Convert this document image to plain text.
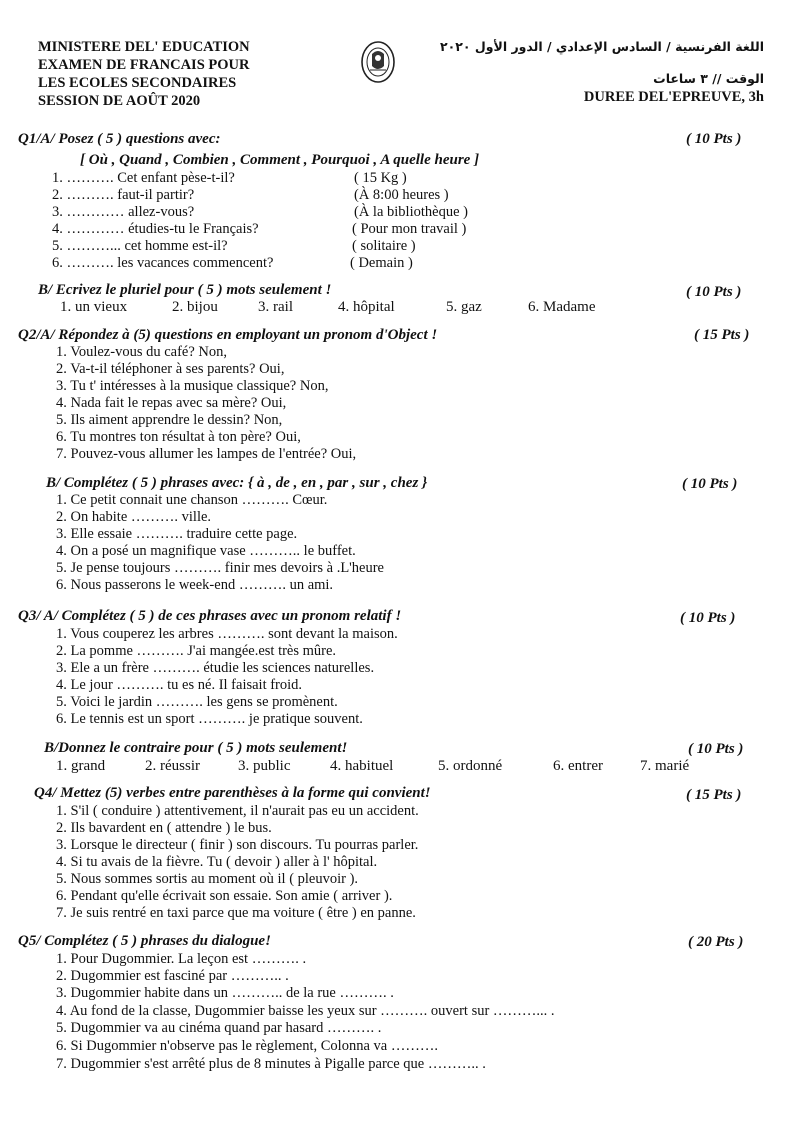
MINISTERE DEL' EDUCATION
EXAMEN DE FRANCAIS POUR
LES ECOLES SECONDAIRES
SESSION DE AOÛT 2020
اللغة الفرنسية / السادس الإعدادي / الدور الأول ٢٠٢٠
الوقت // ٣ ساعات
DUREE DEL'EPREUVE, 3h
Q1/A/ Posez ( 5 ) questions avec:	( 10 Pts )
[ Où , Quand , Combien , Comment , Pourquoi , A quelle heure ]
1. ………. Cet enfant pèse-t-il?	( 15 Kg )
2. ………. faut-il partir?	(À 8:00 heures )
3. ………… allez-vous?	(À la bibliothèque )
4. ………… étudies-tu le Français?	( Pour mon travail )
5. ………... cet homme est-il?	( solitaire )
6. ………. les vacances commencent?	( Demain )
B/ Ecrivez le pluriel pour ( 5 ) mots seulement !	( 10 Pts )
1. un vieux	2. bijou	3. rail	4. hôpital	5. gaz	6. Madame
Q2/A/ Répondez à (5) questions en employant un pronom d'Object !	( 15 Pts )
1. Voulez-vous du café? Non,
2. Va-t-il téléphoner à ses parents? Oui,
3. Tu t' intéresses à la musique classique? Non,
4. Nada fait le repas avec sa mère? Oui,
5. Ils aiment apprendre le dessin? Non,
6. Tu montres ton résultat à ton père? Oui,
7. Pouvez-vous allumer les lampes de l'entrée? Oui,
B/ Complétez ( 5 ) phrases avec: { à , de , en , par , sur , chez }	( 10 Pts )
1. Ce petit connait une chanson ………. Cœur.
2. On habite ………. ville.
3. Elle essaie ………. traduire cette page.
4. On a posé un magnifique vase ……….. le buffet.
5. Je pense toujours ………. finir mes devoirs à .L'heure
6. Nous passerons le week-end ………. un ami.
Q3/ A/ Complétez ( 5 ) de ces phrases avec un pronom relatif !	( 10 Pts )
1. Vous couperez les arbres ………. sont devant la maison.
2. La pomme ………. J'ai mangée.est très mûre.
3. Ele a un frère ………. étudie les sciences naturelles.
4. Le jour ………. tu es né. Il faisait froid.
5. Voici le jardin ………. les gens se promènent.
6. Le tennis est un sport ………. je pratique souvent.
B/Donnez le contraire pour ( 5 ) mots seulement!	( 10 Pts )
1. grand	2. réussir	3. public	4. habituel	5. ordonné	6. entrer 7. marié
Q4/ Mettez (5) verbes entre parenthèses à la forme qui convient!	( 15 Pts )
1. S'il ( conduire ) attentivement, il n'aurait pas eu un accident.
2. Ils bavardent en ( attendre ) le bus.
3. Lorsque le directeur ( finir ) son discours. Tu pourras parler.
4. Si tu avais de la fièvre. Tu ( devoir ) aller à l' hôpital.
5. Nous sommes sortis au moment où il ( pleuvoir ).
6. Pendant qu'elle écrivait son essaie. Son amie ( arriver ).
7. Je suis rentré en taxi parce que ma voiture ( être ) en panne.
Q5/ Complétez ( 5 ) phrases du dialogue!	( 20 Pts )
1. Pour Dugommier. La leçon est ………. .
2. Dugommier est fasciné par ……….. .
3. Dugommier habite dans un ……….. de la rue ………. .
4. Au fond de la classe, Dugommier baisse les yeux sur ………. ouvert sur ………... .
5. Dugommier va au cinéma quand par hasard ………. .
6. Si Dugommier n'observe pas le règlement, Colonna va ……….
7. Dugommier s'est arrêté plus de 8 minutes à Pigalle parce que ……….. .
